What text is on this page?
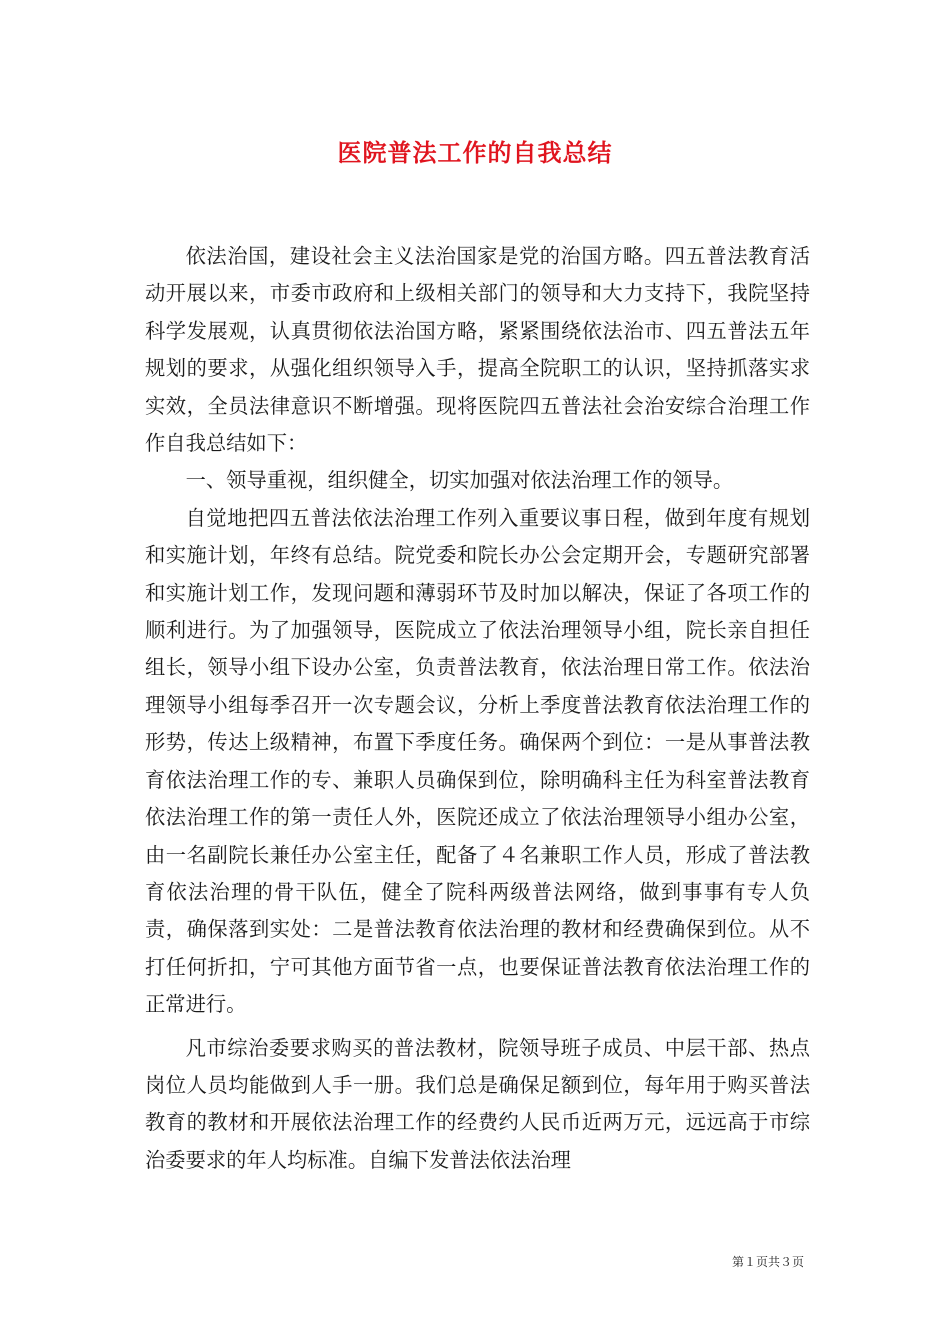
医院普法工作的自我总结

依法治国，建设社会主义法治国家是党的治国方略。四五普法教育活动开展以来，市委市政府和上级相关部门的领导和大力支持下，我院坚持科学发展观，认真贯彻依法治国方略，紧紧围绕依法治市、四五普法五年规划的要求，从强化组织领导入手，提高全院职工的认识，坚持抓落实求实效，全员法律意识不断增强。现将医院四五普法社会治安综合治理工作作自我总结如下：

一、领导重视，组织健全，切实加强对依法治理工作的领导。

自觉地把四五普法依法治理工作列入重要议事日程，做到年度有规划和实施计划，年终有总结。院党委和院长办公会定期开会，专题研究部署和实施计划工作，发现问题和薄弱环节及时加以解决，保证了各项工作的顺利进行。为了加强领导，医院成立了依法治理领导小组，院长亲自担任组长，领导小组下设办公室，负责普法教育，依法治理日常工作。依法治理领导小组每季召开一次专题会议，分析上季度普法教育依法治理工作的形势，传达上级精神，布置下季度任务。确保两个到位：一是从事普法教育依法治理工作的专、兼职人员确保到位，除明确科主任为科室普法教育依法治理工作的第一责任人外，医院还成立了依法治理领导小组办公室，由一名副院长兼任办公室主任，配备了４名兼职工作人员，形成了普法教育依法治理的骨干队伍，健全了院科两级普法网络，做到事事有专人负责，确保落到实处：二是普法教育依法治理的教材和经费确保到位。从不打任何折扣，宁可其他方面节省一点，也要保证普法教育依法治理工作的正常进行。

凡市综治委要求购买的普法教材，院领导班子成员、中层干部、热点岗位人员均能做到人手一册。我们总是确保足额到位，每年用于购买普法教育的教材和开展依法治理工作的经费约人民币近两万元，远远高于市综治委要求的年人均标准。自编下发普法依法治理

第１页共３页
